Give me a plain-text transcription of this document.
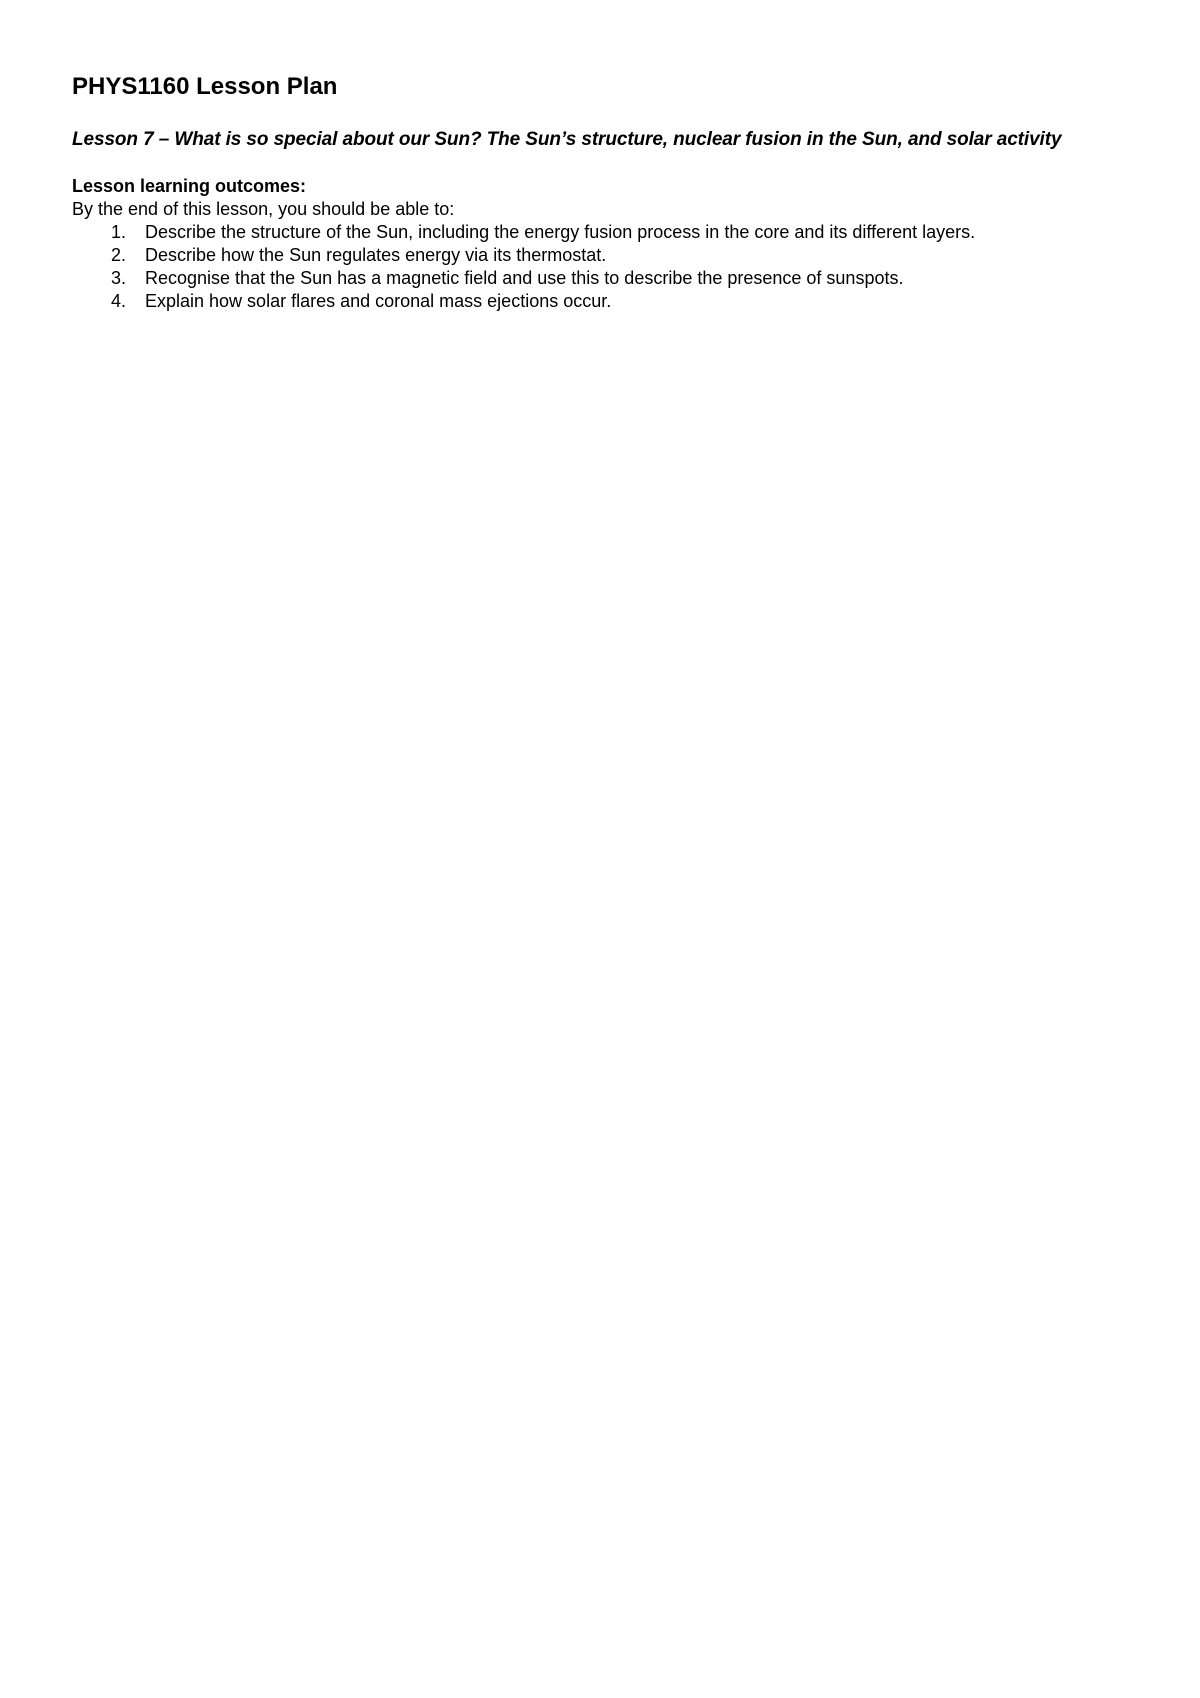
PHYS1160 Lesson Plan
Lesson 7 – What is so special about our Sun? The Sun’s structure, nuclear fusion in the Sun, and solar activity
Lesson learning outcomes:

By the end of this lesson, you should be able to:

1.	Describe the structure of the Sun, including the energy fusion process in the core and its different layers.
2.	Describe how the Sun regulates energy via its thermostat.
3.	Recognise that the Sun has a magnetic field and use this to describe the presence of sunspots.
4.	Explain how solar flares and coronal mass ejections occur.
